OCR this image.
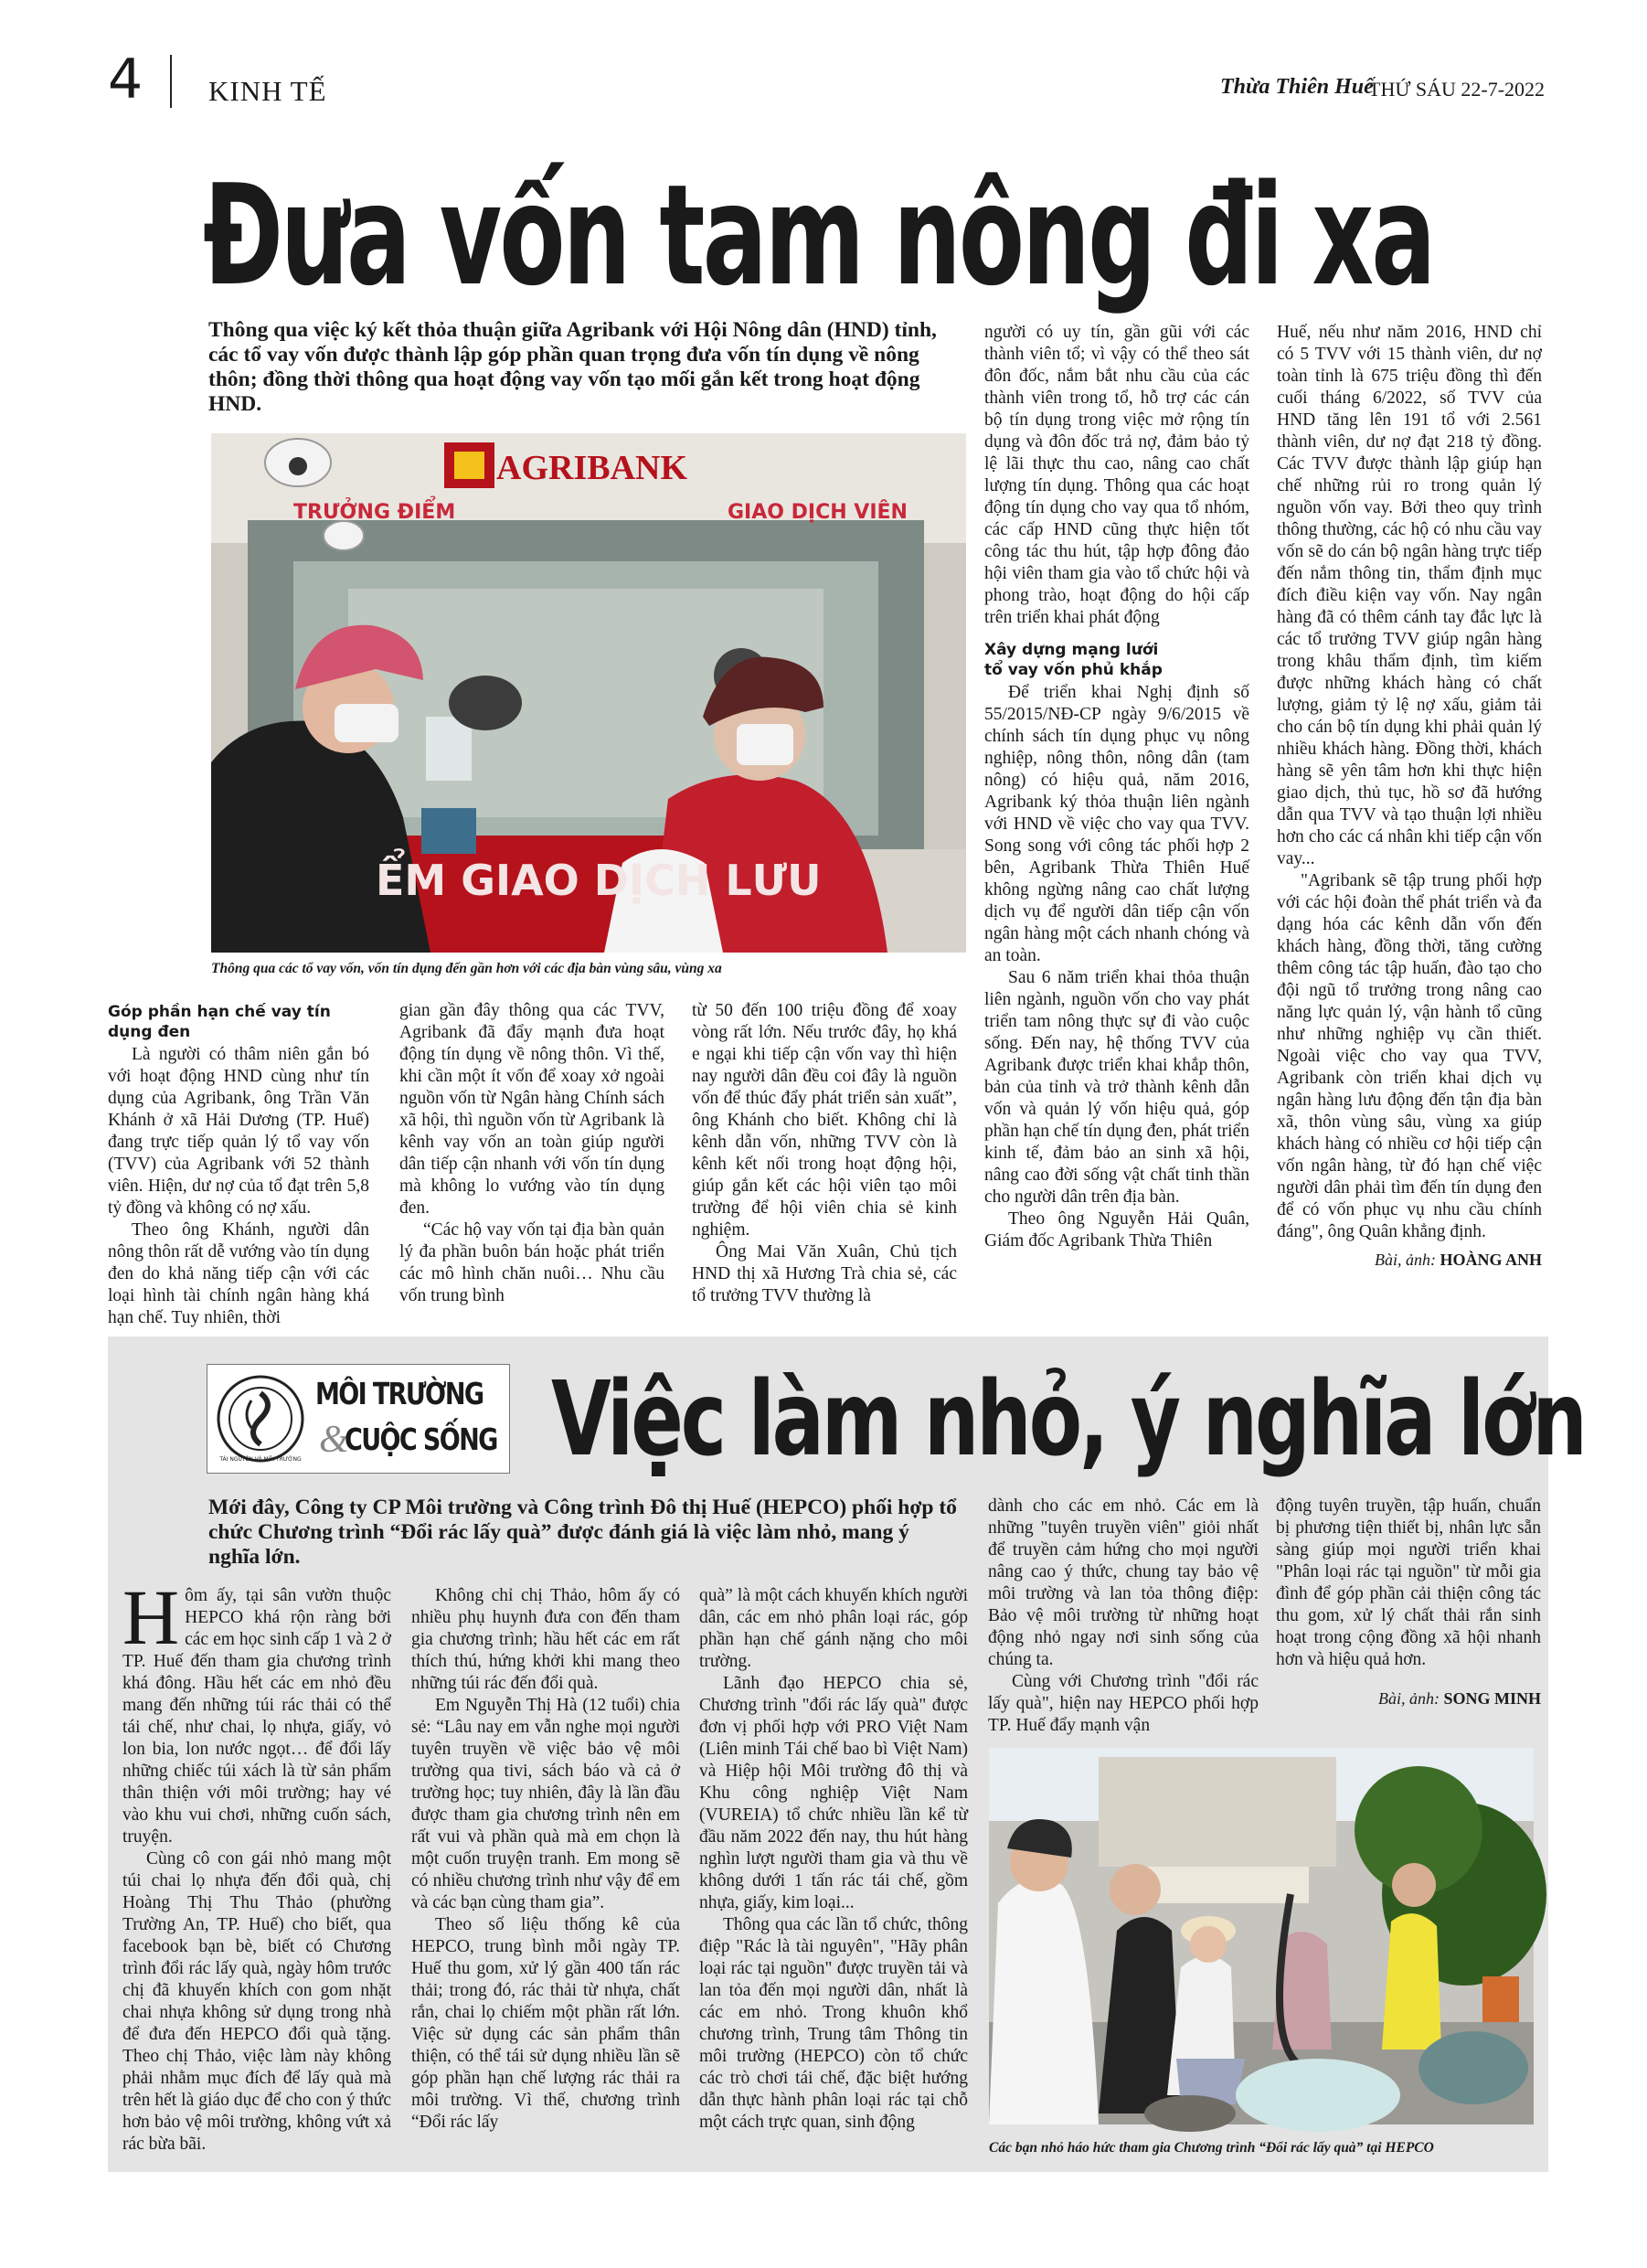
4 KINH TẾ	Thừa Thiên Huế
THỨ SÁU 22-7-2022
Đưa vốn tam nông đi xa
Thông qua việc ký kết thỏa thuận giữa Agribank với Hội Nông dân (HND) tỉnh, các tổ vay vốn được thành lập góp phần quan trọng đưa vốn tín dụng về nông thôn; đồng thời thông qua hoạt động vay vốn tạo mối gắn kết trong hoạt động HND.
AGRIBANK
TRƯỞNG ĐIỂM	GIAO DỊCH VIÊN
ỂM GIAO DỊCH LƯU
Thông qua các tổ vay vốn, vốn tín dụng đến gần hơn với các địa bàn vùng sâu, vùng xa
Góp phần hạn chế vay tín dụng đen

Là người có thâm niên gắn bó với hoạt động HND cùng như tín dụng của Agribank, ông Trần Văn Khánh ở xã Hải Dương (TP. Huế) đang trực tiếp quản lý tổ vay vốn (TVV) của Agribank với 52 thành viên. Hiện, dư nợ của tổ đạt trên 5,8 tỷ đồng và không có nợ xấu.

Theo ông Khánh, người dân nông thôn rất dễ vướng vào tín dụng đen do khả năng tiếp cận với các loại hình tài chính ngân hàng khá hạn chế. Tuy nhiên, thời

gian gần đây thông qua các TVV, Agribank đã đẩy mạnh đưa hoạt động tín dụng về nông thôn. Vì thế, khi cần một ít vốn để xoay xở ngoài nguồn vốn từ Ngân hàng Chính sách xã hội, thì nguồn vốn từ Agribank là kênh vay vốn an toàn giúp người dân tiếp cận nhanh với vốn tín dụng mà không lo vướng vào tín dụng đen.

“Các hộ vay vốn tại địa bàn quản lý đa phần buôn bán hoặc phát triển các mô hình chăn nuôi… Nhu cầu vốn trung bình

từ 50 đến 100 triệu đồng để xoay vòng rất lớn. Nếu trước đây, họ khá e ngại khi tiếp cận vốn vay thì hiện nay người dân đều coi đây là nguồn vốn để thúc đẩy phát triển sản xuất”, ông Khánh cho biết. Không chỉ là kênh dẫn vốn, những TVV còn là kênh kết nối trong hoạt động hội, giúp gắn kết các hội viên tạo môi trường để hội viên chia sẻ kinh nghiệm.

Ông Mai Văn Xuân, Chủ tịch HND thị xã Hương Trà chia sẻ, các tổ trưởng TVV thường là

người có uy tín, gần gũi với các thành viên tổ; vì vậy có thể theo sát đôn đốc, nắm bắt nhu cầu của các thành viên trong tổ, hỗ trợ các cán bộ tín dụng trong việc mở rộng tín dụng và đôn đốc trả nợ, đảm bảo tỷ lệ lãi thực thu cao, nâng cao chất lượng tín dụng. Thông qua các hoạt động tín dụng cho vay qua tổ nhóm, các cấp HND cũng thực hiện tốt công tác thu hút, tập hợp đông đảo hội viên tham gia vào tổ chức hội và phong trào, hoạt động do hội cấp trên triển khai phát động

Xây dựng mạng lưới tổ vay vốn phủ khắp

Để triển khai Nghị định số 55/2015/NĐ-CP ngày 9/6/2015 về chính sách tín dụng phục vụ nông nghiệp, nông thôn, nông dân (tam nông) có hiệu quả, năm 2016, Agribank ký thỏa thuận liên ngành với HND về việc cho vay qua TVV. Song song với công tác phối hợp 2 bên, Agribank Thừa Thiên Huế không ngừng nâng cao chất lượng dịch vụ để người dân tiếp cận vốn ngân hàng một cách nhanh chóng và an toàn.

Sau 6 năm triển khai thỏa thuận liên ngành, nguồn vốn cho vay phát triển tam nông thực sự đi vào cuộc sống. Đến nay, hệ thống TVV của Agribank được triển khai khắp thôn, bản của tỉnh và trở thành kênh dẫn vốn và quản lý vốn hiệu quả, góp phần hạn chế tín dụng đen, phát triển kinh tế, đảm bảo an sinh xã hội, nâng cao đời sống vật chất tinh thần cho người dân trên địa bàn.

Theo ông Nguyễn Hải Quân, Giám đốc Agribank Thừa Thiên

Huế, nếu như năm 2016, HND chỉ có 5 TVV với 15 thành viên, dư nợ toàn tỉnh là 675 triệu đồng thì đến cuối tháng 6/2022, số TVV của HND tăng lên 191 tổ với 2.561 thành viên, dư nợ đạt 218 tỷ đồng. Các TVV được thành lập giúp hạn chế những rủi ro trong quản lý nguồn vốn vay. Bởi theo quy trình thông thường, các hộ có nhu cầu vay vốn sẽ do cán bộ ngân hàng trực tiếp đến nắm thông tin, thẩm định mục đích điều kiện vay vốn. Nay ngân hàng đã có thêm cánh tay đắc lực là các tổ trưởng TVV giúp ngân hàng trong khâu thẩm định, tìm kiếm được những khách hàng có chất lượng, giảm tỷ lệ nợ xấu, giảm tải cho cán bộ tín dụng khi phải quản lý nhiều khách hàng. Đồng thời, khách hàng sẽ yên tâm hơn khi thực hiện giao dịch, thủ tục, hồ sơ đã hướng dẫn qua TVV và tạo thuận lợi nhiều hơn cho các cá nhân khi tiếp cận vốn vay...

"Agribank sẽ tập trung phối hợp với các hội đoàn thể phát triển và đa dạng hóa các kênh dẫn vốn đến khách hàng, đồng thời, tăng cường thêm công tác tập huấn, đào tạo cho đội ngũ tổ trưởng trong nâng cao năng lực quản lý, vận hành tổ cũng như những nghiệp vụ cần thiết. Ngoài việc cho vay qua TVV, Agribank còn triển khai dịch vụ ngân hàng lưu động đến tận địa bàn xã, thôn vùng sâu, vùng xa giúp khách hàng có nhiều cơ hội tiếp cận vốn ngân hàng, từ đó hạn chế việc người dân phải tìm đến tín dụng đen để có vốn phục vụ nhu cầu chính đáng", ông Quân khẳng định.

Bài, ảnh: HOÀNG ANH
TÀI NGUYÊN VÀ MÔI TRƯỜNG
MÔI TRƯỜNG
&
CUỘC SỐNG Việc làm nhỏ, ý nghĩa lớn
Mới đây, Công ty CP Môi trường và Công trình Đô thị Huế (HEPCO) phối hợp tổ chức Chương trình “Đổi rác lấy quà” được đánh giá là việc làm nhỏ, mang ý nghĩa lớn.

Hôm ấy, tại sân vườn thuộc HEPCO khá rộn ràng bởi các em học sinh cấp 1 và 2 ở TP. Huế đến tham gia chương trình khá đông. Hầu hết các em nhỏ đều mang đến những túi rác thải có thể tái chế, như chai, lọ nhựa, giấy, vỏ lon bia, lon nước ngọt… để đổi lấy những chiếc túi xách là từ sản phẩm thân thiện với môi trường; hay vé vào khu vui chơi, những cuốn sách, truyện.

Cùng cô con gái nhỏ mang một túi chai lọ nhựa đến đổi quà, chị Hoàng Thị Thu Thảo (phường Trường An, TP. Huế) cho biết, qua facebook bạn bè, biết có Chương trình đổi rác lấy quà, ngày hôm trước chị đã khuyến khích con gom nhặt chai nhựa không sử dụng trong nhà để đưa đến HEPCO đổi quà tặng. Theo chị Thảo, việc làm này không phải nhằm mục đích để lấy quà mà trên hết là giáo dục để cho con ý thức hơn bảo vệ môi trường, không vứt xả rác bừa bãi.

Không chỉ chị Thảo, hôm ấy có nhiều phụ huynh đưa con đến tham gia chương trình; hầu hết các em rất thích thú, hứng khởi khi mang theo những túi rác đến đổi quà.

Em Nguyễn Thị Hà (12 tuổi) chia sẻ: “Lâu nay em vẫn nghe mọi người tuyên truyền về việc bảo vệ môi trường qua tivi, sách báo và cả ở trường học; tuy nhiên, đây là lần đầu được tham gia chương trình nên em rất vui và phần quà mà em chọn là một cuốn truyện tranh. Em mong sẽ có nhiều chương trình như vậy để em và các bạn cùng tham gia”.

Theo số liệu thống kê của HEPCO, trung bình mỗi ngày TP. Huế thu gom, xử lý gần 400 tấn rác thải; trong đó, rác thải từ nhựa, chất rắn, chai lọ chiếm một phần rất lớn. Việc sử dụng các sản phẩm thân thiện, có thể tái sử dụng nhiều lần sẽ góp phần hạn chế lượng rác thải ra môi trường. Vì thế, chương trình “Đổi rác lấy

quà” là một cách khuyến khích người dân, các em nhỏ phân loại rác, góp phần hạn chế gánh nặng cho môi trường.

Lãnh đạo HEPCO chia sẻ, Chương trình "đổi rác lấy quà" được đơn vị phối hợp với PRO Việt Nam (Liên minh Tái chế bao bì Việt Nam) và Hiệp hội Môi trường đô thị và Khu công nghiệp Việt Nam (VUREIA) tổ chức nhiều lần kể từ đầu năm 2022 đến nay, thu hút hàng nghìn lượt người tham gia và thu về không dưới 1 tấn rác tái chế, gồm nhựa, giấy, kim loại...

Thông qua các lần tổ chức, thông điệp "Rác là tài nguyên", "Hãy phân loại rác tại nguồn" được truyền tải và lan tỏa đến mọi người dân, nhất là các em nhỏ. Trong khuôn khổ chương trình, Trung tâm Thông tin môi trường (HEPCO) còn tổ chức các trò chơi tái chế, đặc biệt hướng dẫn thực hành phân loại rác tại chỗ một cách trực quan, sinh động

dành cho các em nhỏ. Các em là những "tuyên truyền viên" giỏi nhất để truyền cảm hứng cho mọi người nâng cao ý thức, chung tay bảo vệ môi trường và lan tỏa thông điệp: Bảo vệ môi trường từ những hoạt động nhỏ ngay nơi sinh sống của chúng ta.

Cùng với Chương trình "đổi rác lấy quà", hiện nay HEPCO phối hợp TP. Huế đẩy mạnh vận

động tuyên truyền, tập huấn, chuẩn bị phương tiện thiết bị, nhân lực sẵn sàng giúp mọi người triển khai "Phân loại rác tại nguồn" từ mỗi gia đình để góp phần cải thiện công tác thu gom, xử lý chất thải rắn sinh hoạt trong cộng đồng xã hội nhanh hơn và hiệu quả hơn.

Bài, ảnh: SONG MINH
Các bạn nhỏ háo hức tham gia Chương trình “Đổi rác lấy quà” tại HEPCO
